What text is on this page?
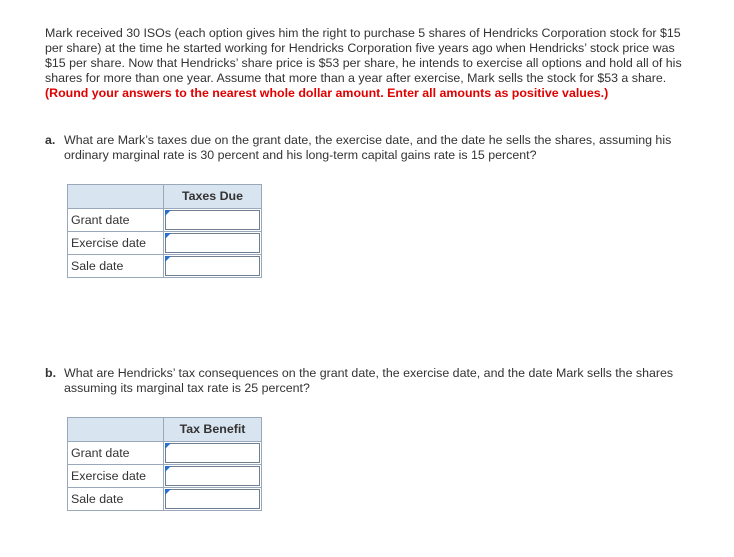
Mark received 30 ISOs (each option gives him the right to purchase 5 shares of Hendricks Corporation stock for $15 per share) at the time he started working for Hendricks Corporation five years ago when Hendricks’ stock price was $15 per share. Now that Hendricks’ share price is $53 per share, he intends to exercise all options and hold all of his shares for more than one year. Assume that more than a year after exercise, Mark sells the stock for $53 a share. (Round your answers to the nearest whole dollar amount. Enter all amounts as positive values.)

a. What are Mark’s taxes due on the grant date, the exercise date, and the date he sells the shares, assuming his ordinary marginal rate is 30 percent and his long-term capital gains rate is 15 percent?

	Taxes Due
Grant date	

Exercise date	

Sale date	

b. What are Hendricks’ tax consequences on the grant date, the exercise date, and the date Mark sells the shares assuming its marginal tax rate is 25 percent?

	Tax Benefit
Grant date	

Exercise date	

Sale date	
